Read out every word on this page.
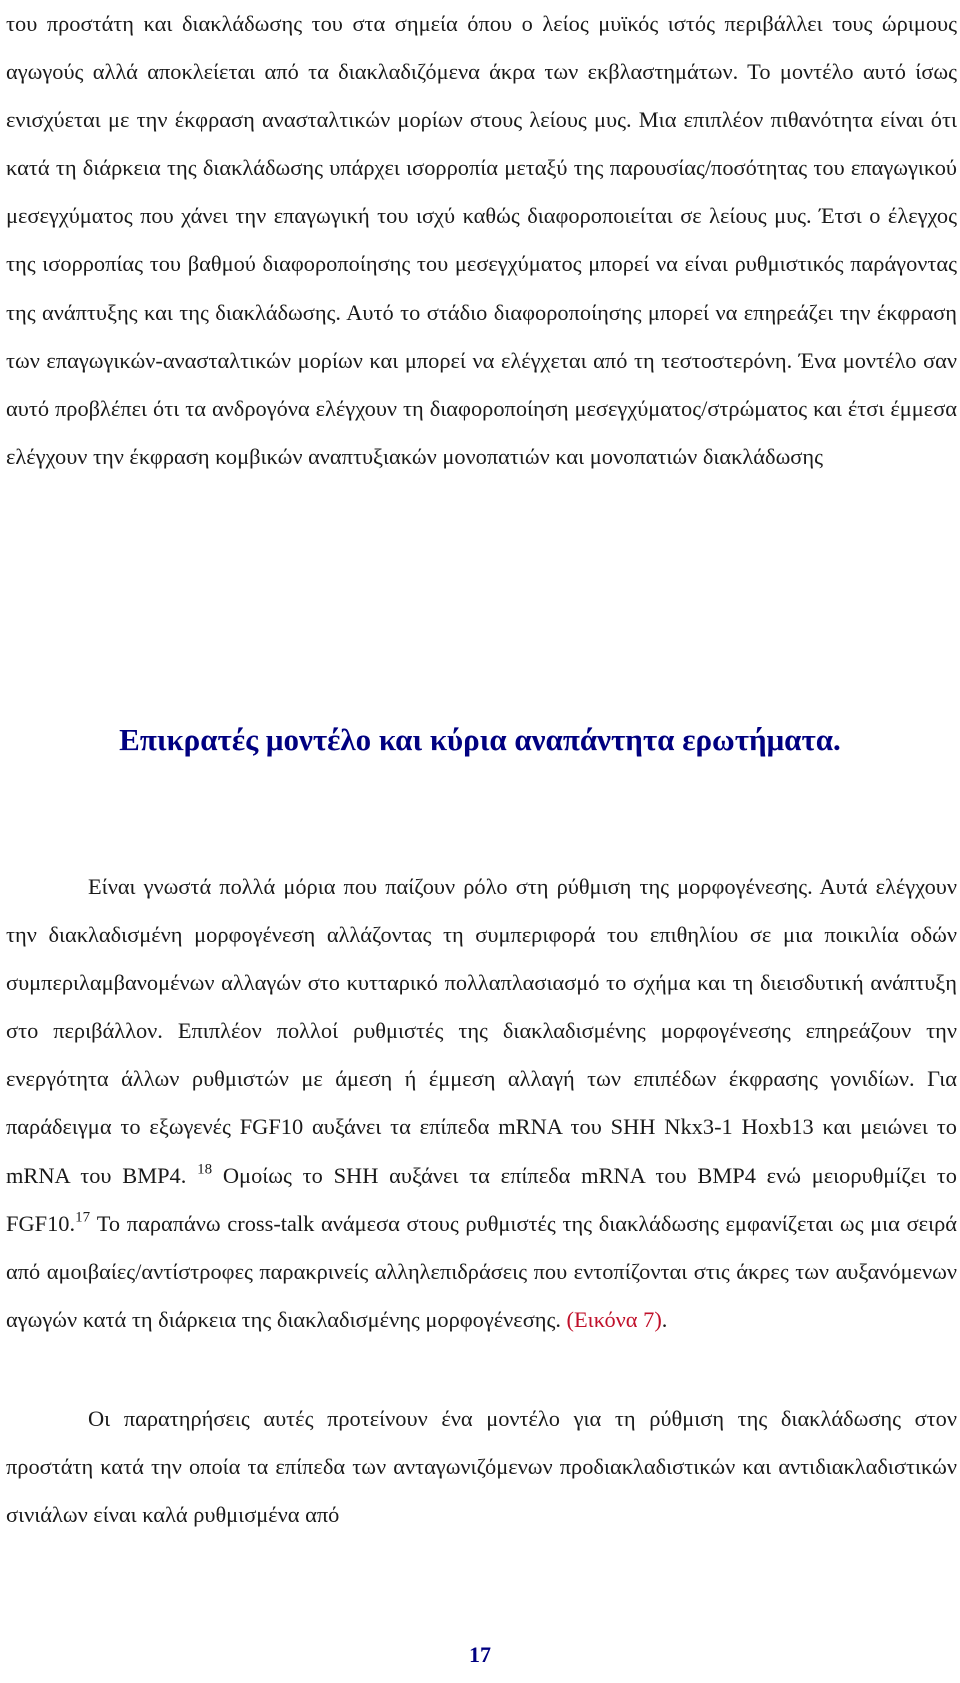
του προστάτη και διακλάδωσης του στα σημεία όπου ο λείος μυϊκός ιστός περιβάλλει τους ώριμους αγωγούς αλλά αποκλείεται από τα διακλαδιζόμενα άκρα των εκβλαστημάτων. Το μοντέλο αυτό ίσως ενισχύεται με την έκφραση ανασταλτικών μορίων στους λείους μυς. Μια επιπλέον πιθανότητα είναι ότι κατά τη διάρκεια της διακλάδωσης υπάρχει ισορροπία μεταξύ της παρουσίας/ποσότητας του επαγωγικού μεσεγχύματος που χάνει την επαγωγική του ισχύ καθώς διαφοροποιείται σε λείους μυς. Έτσι ο έλεγχος της ισορροπίας του βαθμού διαφοροποίησης του μεσεγχύματος μπορεί να είναι ρυθμιστικός παράγοντας της ανάπτυξης και της διακλάδωσης. Αυτό το στάδιο διαφοροποίησης μπορεί να επηρεάζει την έκφραση των επαγωγικών-ανασταλτικών μορίων και μπορεί να ελέγχεται από τη τεστοστερόνη. Ένα μοντέλο σαν αυτό προβλέπει ότι τα ανδρογόνα ελέγχουν τη διαφοροποίηση μεσεγχύματος/στρώματος και έτσι έμμεσα ελέγχουν την έκφραση κομβικών αναπτυξιακών μονοπατιών και μονοπατιών διακλάδωσης

Επικρατές μοντέλο και κύρια αναπάντητα ερωτήματα.

Είναι γνωστά πολλά μόρια που παίζουν ρόλο στη ρύθμιση της μορφογένεσης. Αυτά ελέγχουν την διακλαδισμένη μορφογένεση αλλάζοντας τη συμπεριφορά του επιθηλίου σε μια ποικιλία οδών συμπεριλαμβανομένων αλλαγών στο κυτταρικό πολλαπλασιασμό το σχήμα και τη διεισδυτική ανάπτυξη στο περιβάλλον. Επιπλέον πολλοί ρυθμιστές της διακλαδισμένης μορφογένεσης επηρεάζουν την ενεργότητα άλλων ρυθμιστών με άμεση ή έμμεση αλλαγή των επιπέδων έκφρασης γονιδίων. Για παράδειγμα το εξωγενές FGF10 αυξάνει τα επίπεδα mRNA του SHH Nkx3-1 Hoxb13 και μειώνει το mRNA του BMP4. $^{18}$ Ομοίως το SHH αυξάνει τα επίπεδα mRNA του BMP4 ενώ μειορυθμίζει το FGF10.17 Το παραπάνω cross-talk ανάμεσα στους ρυθμιστές της διακλάδωσης εμφανίζεται ως μια σειρά από αμοιβαίες/αντίστροφες παρακρινείς αλληλεπιδράσεις που εντοπίζονται στις άκρες των αυξανόμενων αγωγών κατά τη διάρκεια της διακλαδισμένης μορφογένεσης. (Εικόνα 7).

Οι παρατηρήσεις αυτές προτείνουν ένα μοντέλο για τη ρύθμιση της διακλάδωσης στον προστάτη κατά την οποία τα επίπεδα των ανταγωνιζόμενων προδιακλαδιστικών και αντιδιακλαδιστικών σινιάλων είναι καλά ρυθμισμένα από

17
